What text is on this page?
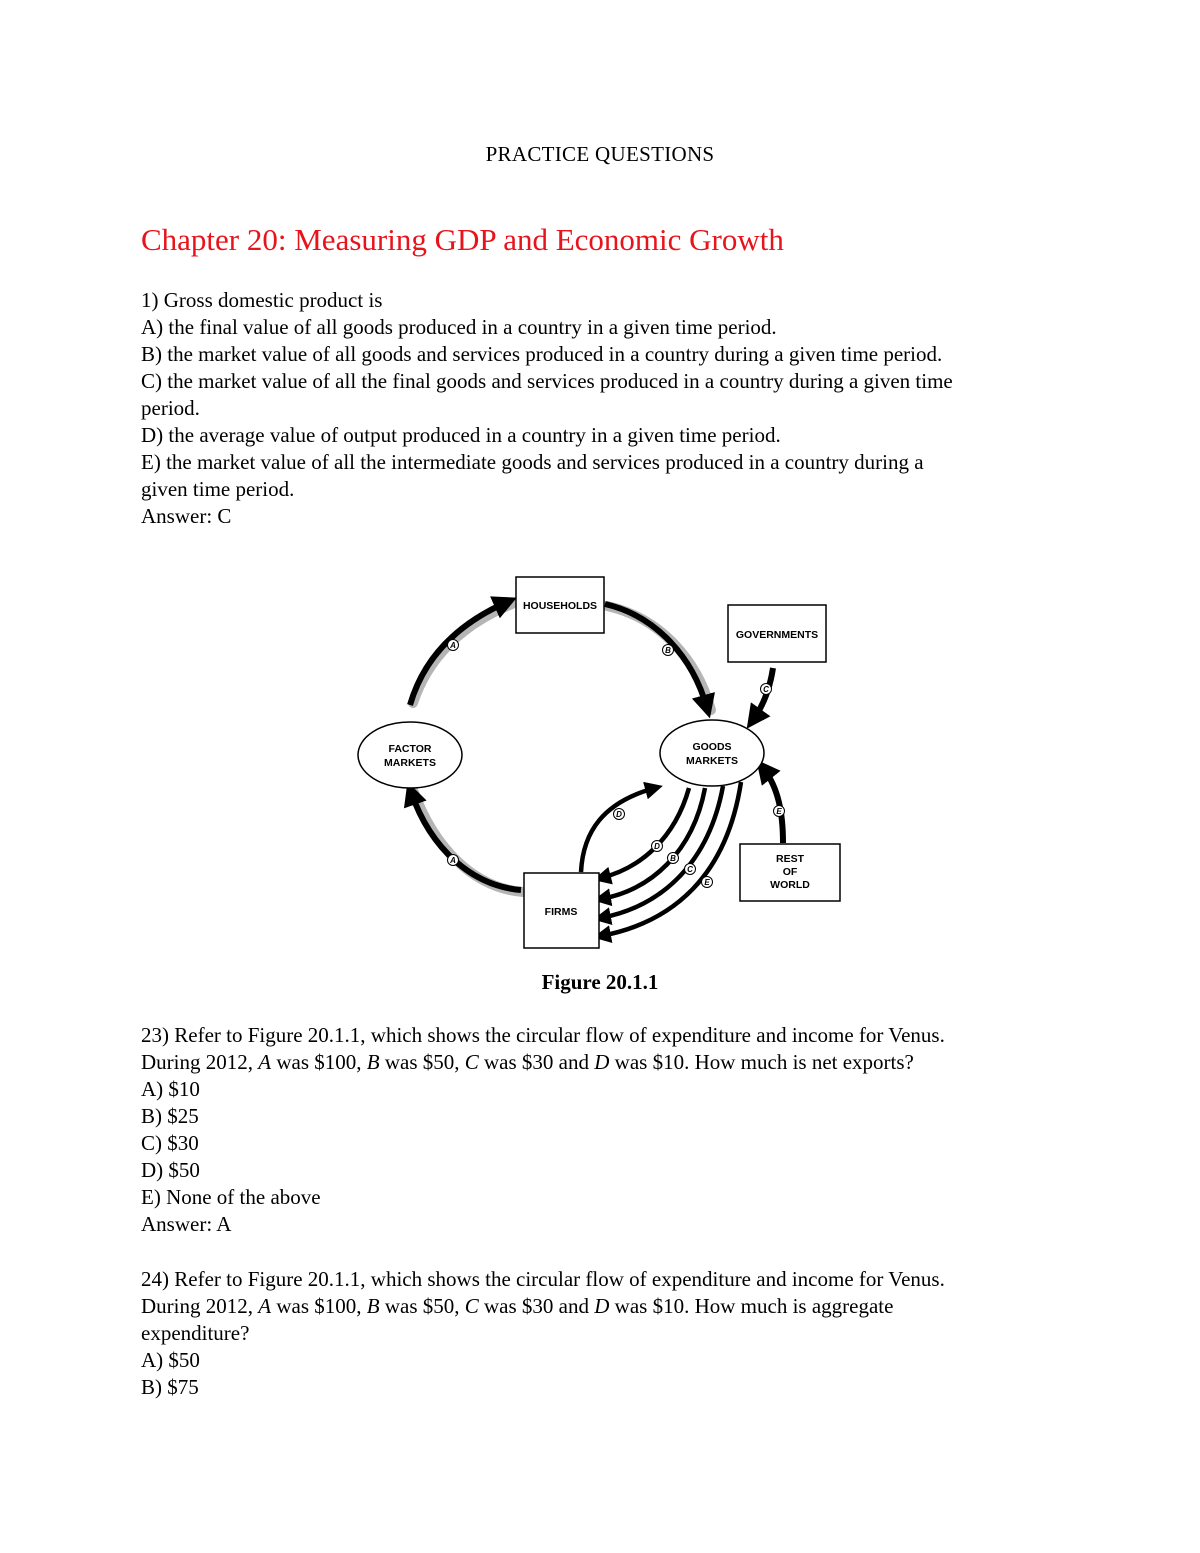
PRACTICE QUESTIONS
Chapter 20: Measuring GDP and Economic Growth
1) Gross domestic product is
A) the final value of all goods produced in a country in a given time period.
B) the market value of all goods and services produced in a country during a given time period.
C) the market value of all the final goods and services produced in a country during a given time
period.
D) the average value of output produced in a country in a given time period.
E) the market value of all the intermediate goods and services produced in a country during a
given time period.
Answer: C
HOUSEHOLDS
GOVERNMENTS
FACTOR
MARKETS
GOODS
MARKETS
FIRMS
REST
OF
WORLD
A
B
C
A
E
D
D
B
C
E
Figure 20.1.1
23) Refer to Figure 20.1.1, which shows the circular flow of expenditure and income for Venus.
During 2012, A was $100, B was $50, C was $30 and D was $10. How much is net exports?
A) $10
B) $25
C) $30
D) $50
E) None of the above
Answer: A
24) Refer to Figure 20.1.1, which shows the circular flow of expenditure and income for Venus.
During 2012, A was $100, B was $50, C was $30 and D was $10. How much is aggregate
expenditure?
A) $50
B) $75
